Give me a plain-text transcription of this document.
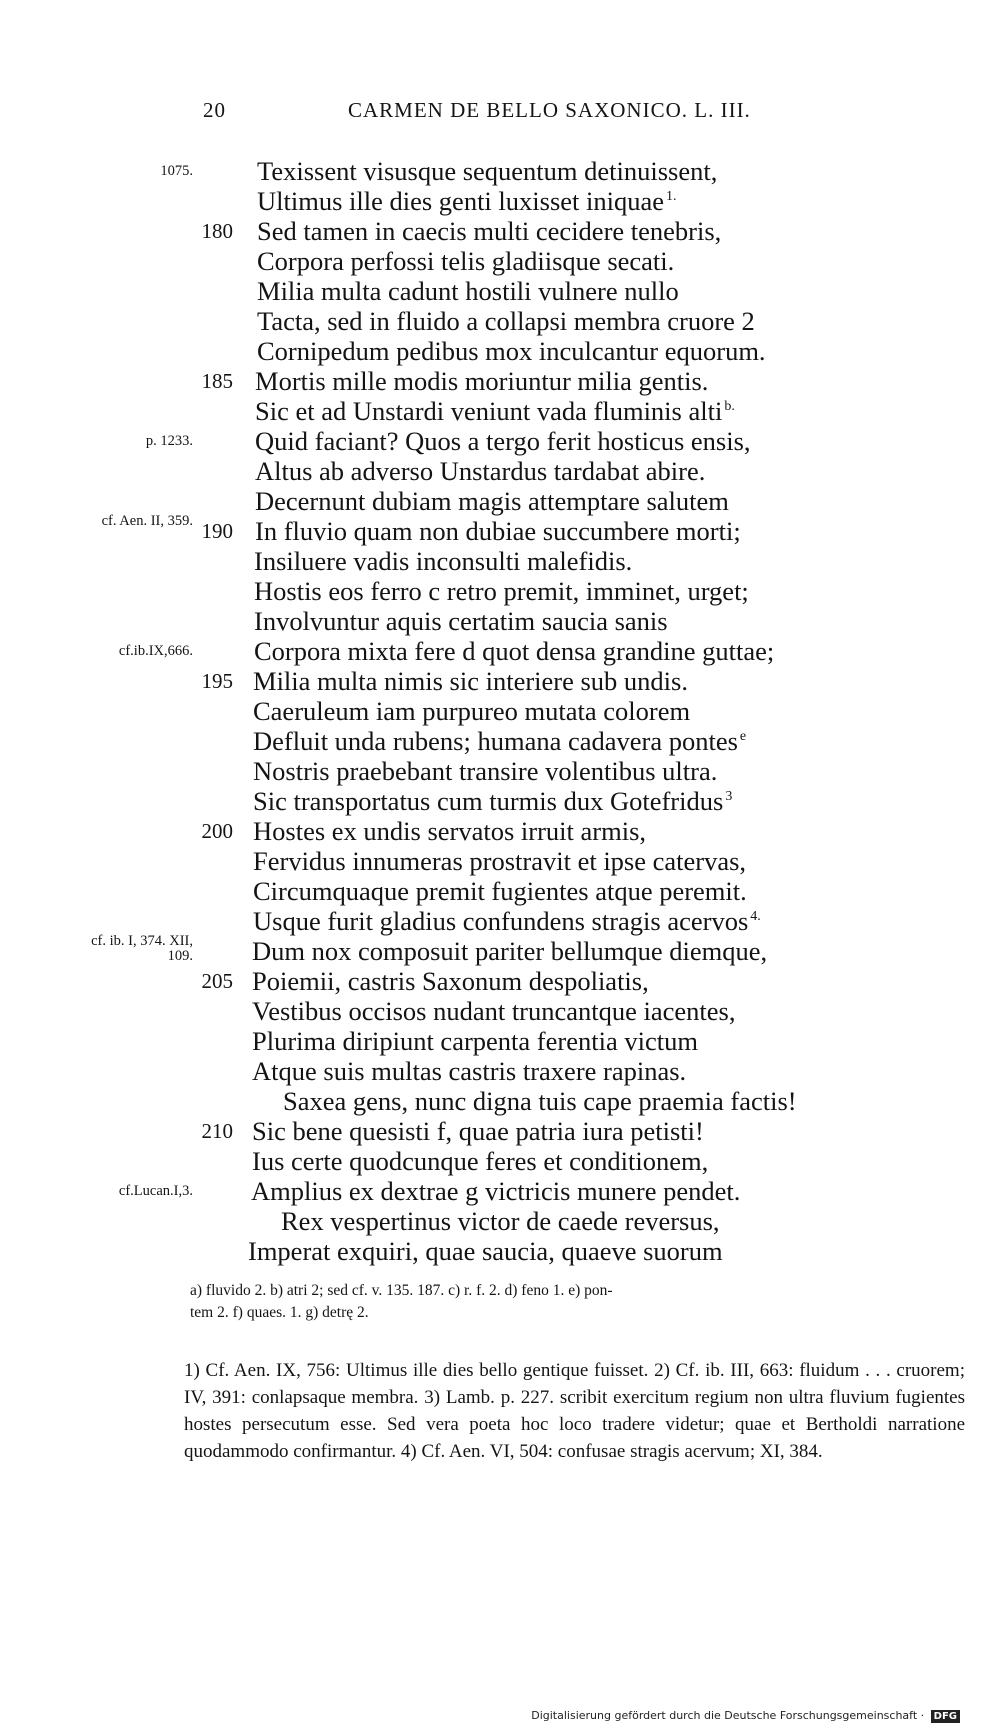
20	CARMEN DE BELLO SAXONICO. L. III.
1075. Texissent visusque sequentum detinuissent,
Ultimus ille dies genti luxisset iniquae $^{1.}$
180 Sed tamen in caecis multi cecidere tenebris,
Corpora perfossi telis gladiisque secati.
Milia multa cadunt hostili vulnere nullo
Tacta, sed in fluido a collapsi membra cruore 2
Cornipedum pedibus mox inculcantur equorum.
185 Mortis mille modis moriuntur milia gentis.
Sic et ad Unstardi veniunt vada fluminis alti $^{b.}$
p. 1233. Quid faciant? Quos a tergo ferit hosticus ensis,
Altus ab adverso Unstardus tardabat abire.
Decernunt dubiam magis attemptare salutem
cf. Aen. II, 359. 190 In fluvio quam non dubiae succumbere morti;
Insiluere vadis inconsulti malefidis.
Hostis eos ferro c retro premit, imminet, urget;
Involvuntur aquis certatim saucia sanis
cf.ib.IX,666. Corpora mixta fere d quot densa grandine guttae;
195 Milia multa nimis sic interiere sub undis.
Caeruleum iam purpureo mutata colorem
Defluit unda rubens; humana cadavera pontes $^e$
Nostris praebebant transire volentibus ultra.
Sic transportatus cum turmis dux Gotefridus $^3$
200 Hostes ex undis servatos irruit armis,
Fervidus innumeras prostravit et ipse catervas,
Circumquaque premit fugientes atque peremit.
Usque furit gladius confundens stragis acervos $^{4.}$
cf. ib. I, 374. XII, 109. Dum nox composuit pariter bellumque diemque,
205 Poiemii, castris Saxonum despoliatis,
Vestibus occisos nudant truncantque iacentes,
Plurima diripiunt carpenta ferentia victum
Atque suis multas castris traxere rapinas.
Saxea gens, nunc digna tuis cape praemia factis!
210 Sic bene quesisti f, quae patria iura petisti!
Ius certe quodcunque feres et conditionem,
cf.Lucan.I,3. Amplius ex dextrae g victricis munere pendet.
Rex vespertinus victor de caede reversus,
Imperat exquiri, quae saucia, quaeve suorum
a) fluvido 2. b) atri 2; sed cf. v. 135. 187. c) r. f. 2. d) feno 1. e) pon-
tem 2. f) quaes. 1. g) detrę 2.

1) Cf. Aen. IX, 756: Ultimus ille dies bello gentique fuisset. 2) Cf. ib. III, 663: fluidum . . . cruorem; IV, 391: conlapsaque membra. 3) Lamb. p. 227. scribit exercitum regium non ultra fluvium fugientes hostes persecutum esse. Sed vera poeta hoc loco tradere videtur; quae et Bertholdi narratione quodammodo confirmantur. 4) Cf. Aen. VI, 504: confusae stragis acervum; XI, 384.

Digitalisierung gefördert durch die Deutsche Forschungsgemeinschaft · DFG
